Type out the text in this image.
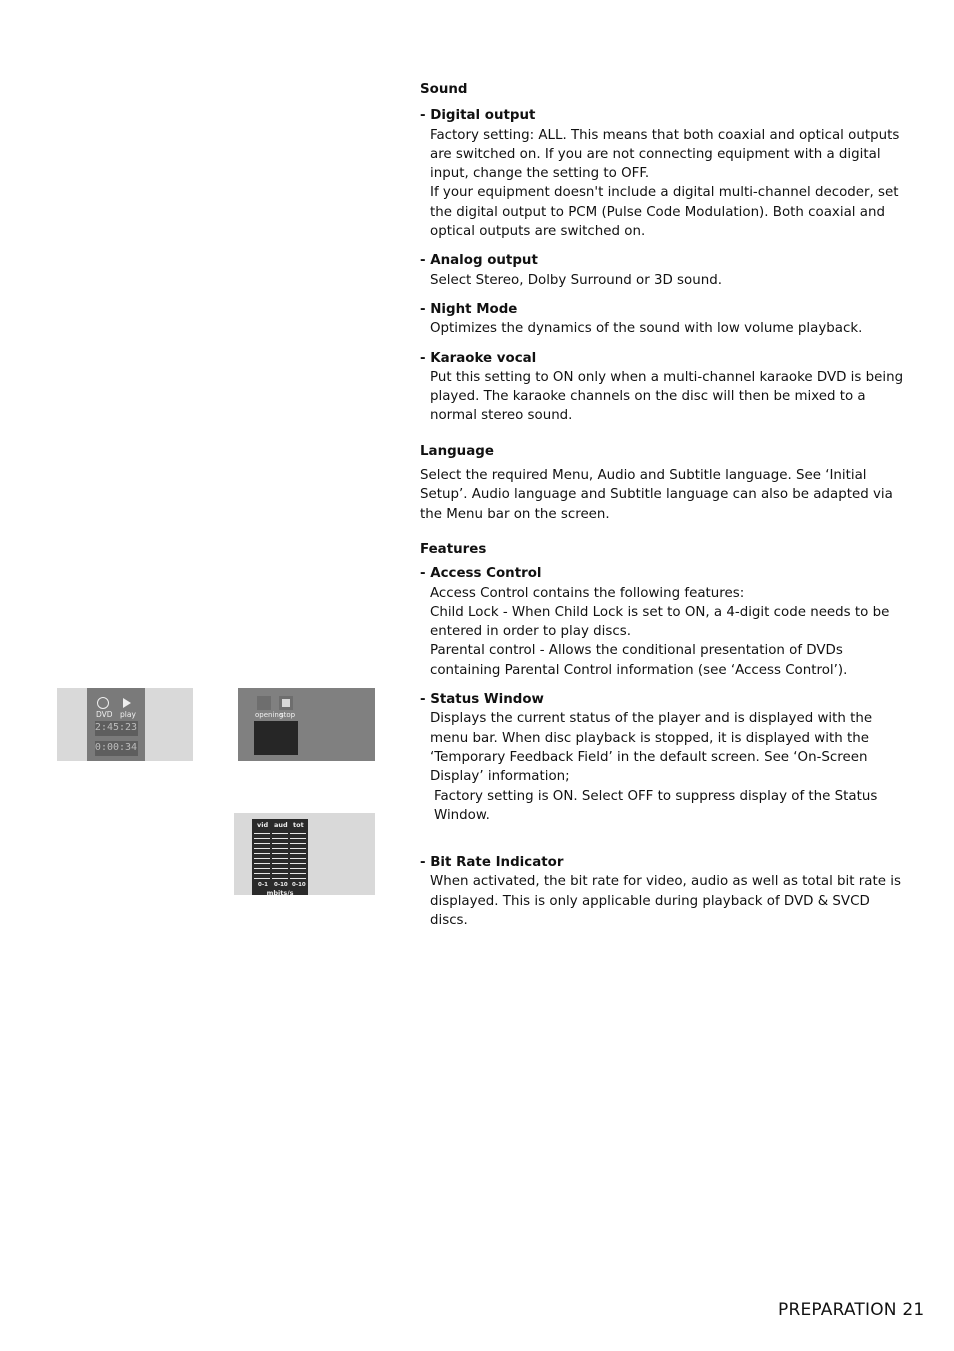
DVD play
2:45:23
0:00:34
opening
stop
vid aud tot
0-1 0-10 0-10
mbits/s

Sound

- Digital output

Factory setting: ALL. This means that both coaxial and optical outputs are switched on. If you are not connecting equipment with a digital input, change the setting to OFF.

If your equipment doesn't include a digital multi-channel decoder, set the digital output to PCM (Pulse Code Modulation). Both coaxial and optical outputs are switched on.

- Analog output

Select Stereo, Dolby Surround or 3D sound.

- Night Mode

Optimizes the dynamics of the sound with low volume playback.

- Karaoke vocal

Put this setting to ON only when a multi-channel karaoke DVD is being played. The karaoke channels on the disc will then be mixed to a normal stereo sound.

Language

Select the required Menu, Audio and Subtitle language. See ‘Initial Setup’. Audio language and Subtitle language can also be adapted via the Menu bar on the screen.

Features

- Access Control

Access Control contains the following features:

Child Lock - When Child Lock is set to ON, a 4-digit code needs to be entered in order to play discs.

Parental control - Allows the conditional presentation of DVDs containing Parental Control information (see ‘Access Control’).

- Status Window

Displays the current status of the player and is displayed with the menu bar. When disc playback is stopped, it is displayed with the ‘Temporary Feedback Field’ in the default screen. See ‘On-Screen Display’ information;

Factory setting is ON. Select OFF to suppress display of the Status Window.

- Bit Rate Indicator

When activated, the bit rate for video, audio as well as total bit rate is displayed. This is only applicable during playback of DVD & SVCD discs.

PREPARATION 21
